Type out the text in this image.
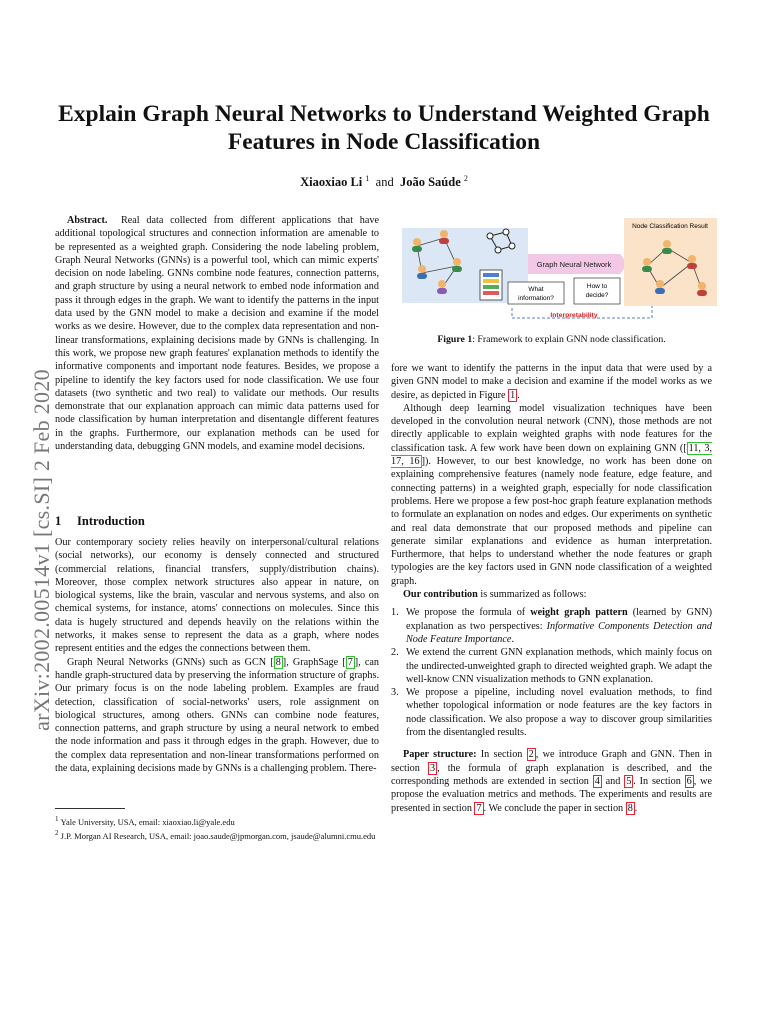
arXiv:2002.00514v1 [cs.SI] 2 Feb 2020
Explain Graph Neural Networks to Understand Weighted Graph Features in Node Classification
Xiaoxiao Li $^1$ and João Saúde $^2$

Abstract. Real data collected from different applications that have additional topological structures and connection information are amenable to be represented as a weighted graph. Considering the node labeling problem, Graph Neural Networks (GNNs) is a powerful tool, which can mimic experts' decision on node labeling. GNNs combine node features, connection patterns, and graph structure by using a neural network to embed node information and pass it through edges in the graph. We want to identify the patterns in the input data used by the GNN model to make a decision and examine if the model works as we desire. However, due to the complex data representation and non-linear transformations, explaining decisions made by GNNs is challenging. In this work, we propose new graph features' explanation methods to identify the informative components and important node features. Besides, we propose a pipeline to identify the key factors used for node classification. We use four datasets (two synthetic and two real) to validate our methods. Our results demonstrate that our explanation approach can mimic data patterns used for node classification by human interpretation and disentangle different features in the graphs. Furthermore, our explanation methods can be used for understanding data, debugging GNN models, and examine model decisions.

1 Introduction

Our contemporary society relies heavily on interpersonal/cultural relations (social networks), our economy is densely connected and structured (commercial relations, financial transfers, supply/distribution chains). Moreover, those complex network structures also appear in nature, on biological systems, like the brain, vascular and nervous systems, and also on chemical systems, for instance, atoms' connections on molecules. Since this data is hugely structured and depends heavily on the relations within the networks, it makes sense to represent the data as a graph, where nodes represent entities and the edges the connections between them.

Graph Neural Networks (GNNs) such as GCN [ 8 ], GraphSage [ 7 ], can handle graph-structured data by preserving the information structure of graphs. Our primary focus is on the node labeling problem. Examples are fraud detection, classification of social-networks' users, role assignment on biological structures, among others. GNNs can combine node features, connection patterns, and graph structure by using a neural network to embed the node information and pass it through edges in the graph. However, due to the complex data representation and non-linear transformations performed on the data, explaining decisions made by GNNs is a challenging problem. There-

$^1$ Yale University, USA, email: xiaoxiao.li@yale.edu
$^2$ J.P. Morgan AI Research, USA, email: joao.saude@jpmorgan.com, jsaude@alumni.cmu.edu
Graph Neural Network
What
information?
How to
decide?
Interpretability
Node Classification Result
Figure 1: Framework to explain GNN node classification.

fore we want to identify the patterns in the input data that were used by a given GNN model to make a decision and examine if the model works as we desire, as depicted in Figure 1 .

Although deep learning model visualization techniques have been developed in the convolution neural network (CNN), those methods are not directly applicable to explain weighted graphs with node features for the classification task. A few work have been down on explaining GNN ([ 11, 3, 17, 16 ]). However, to our best knowledge, no work has been done on explaining comprehensive features (namely node feature, edge feature, and connecting patterns) in a weighted graph, especially for node classification problems. Here we propose a few post-hoc graph feature explanation methods to formulate an explanation on nodes and edges. Our experiments on synthetic and real data demonstrate that our proposed methods and pipeline can generate similar explanations and evidence as human interpretation. Furthermore, that helps to understand whether the node features or graph typologies are the key factors used in GNN node classification of a weighted graph.

Our contribution is summarized as follows:

1. We propose the formula of weight graph pattern (learned by GNN) explanation as two perspectives: Informative Components Detection and Node Feature Importance.
2. We extend the current GNN explanation methods, which mainly focus on the undirected-unweighted graph to directed weighted graph. We adapt the well-know CNN visualization methods to GNN explanation.
3. We propose a pipeline, including novel evaluation methods, to find whether topological information or node features are the key factors in node classification. We also propose a way to discover group similarities from the disentangled results.

Paper structure: In section 2 , we introduce Graph and GNN. Then in section 3 , the formula of graph explanation is described, and the corresponding methods are extended in section 4 and 5 . In section 6 , we propose the evaluation metrics and methods. The experiments and results are presented in section 7 . We conclude the paper in section 8 .
